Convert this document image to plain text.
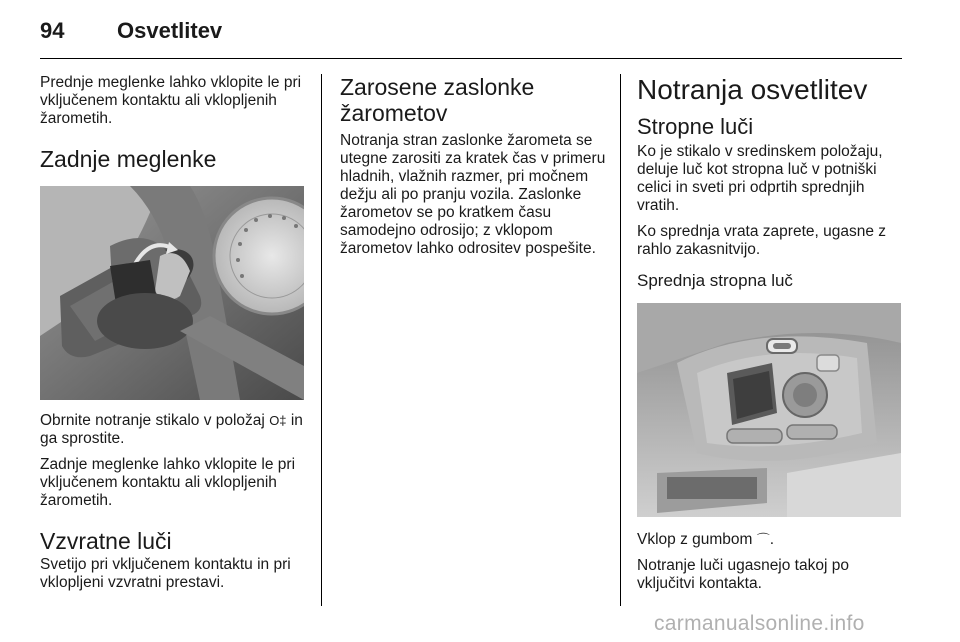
94 Osvetlitev

Prednje meglenke lahko vklopite le pri vključenem kontaktu ali vklopljenih žarometih.

Zadnje meglenke

Obrnite notranje stikalo v položaj O‡ in ga sprostite.

Zadnje meglenke lahko vklopite le pri vključenem kontaktu ali vklopljenih žarometih.

Vzvratne luči

Svetijo pri vključenem kontaktu in pri vklopljeni vzvratni prestavi.

Zarosene zaslonke žarometov

Notranja stran zaslonke žarometa se utegne zarositi za kratek čas v primeru hladnih, vlažnih razmer, pri močnem dežju ali po pranju vozila. Zaslonke žarometov se po kratkem času samodejno odrosijo; z vklopom žarometov lahko odrositev pospešite.

Notranja osvetlitev
Stropne luči

Ko je stikalo v sredinskem položaju, deluje luč kot stropna luč v potniški celici in sveti pri odprtih sprednjih vratih.

Ko sprednja vrata zaprete, ugasne z rahlo zakasnitvijo.

Sprednja stropna luč

Vklop z gumbom ⌒.

Notranje luči ugasnejo takoj po vključitvi kontakta.

carmanualsonline.info
